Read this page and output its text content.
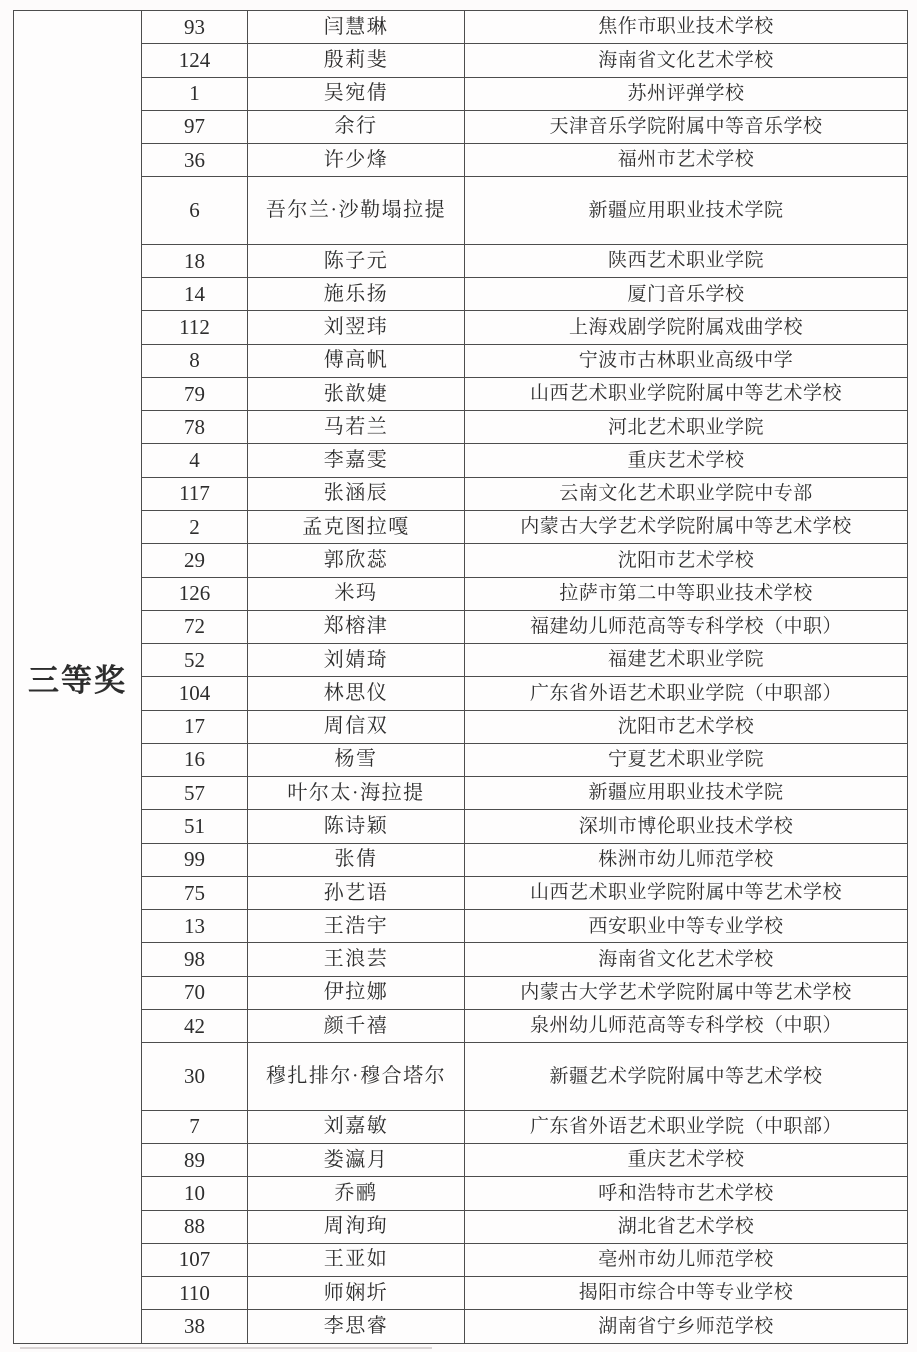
三等奖	93	闫慧琳	焦作市职业技术学校
	124	殷莉斐	海南省文化艺术学校
	1	吴宛倩	苏州评弹学校
	97	余行	天津音乐学院附属中等音乐学校
	36	许少烽	福州市艺术学校
	6	吾尔兰·沙勒塌拉提	新疆应用职业技术学院
	18	陈子元	陕西艺术职业学院
	14	施乐扬	厦门音乐学校
	112	刘翌玮	上海戏剧学院附属戏曲学校
	8	傅高帆	宁波市古林职业高级中学
	79	张歆婕	山西艺术职业学院附属中等艺术学校
	78	马若兰	河北艺术职业学院
	4	李嘉雯	重庆艺术学校
	117	张涵辰	云南文化艺术职业学院中专部
	2	孟克图拉嘎	内蒙古大学艺术学院附属中等艺术学校
	29	郭欣蕊	沈阳市艺术学校
	126	米玛	拉萨市第二中等职业技术学校
	72	郑榕津	福建幼儿师范高等专科学校（中职）
	52	刘婧琦	福建艺术职业学院
	104	林思仪	广东省外语艺术职业学院（中职部）
	17	周信双	沈阳市艺术学校
	16	杨雪	宁夏艺术职业学院
	57	叶尔太·海拉提	新疆应用职业技术学院
	51	陈诗颖	深圳市博伦职业技术学校
	99	张倩	株洲市幼儿师范学校
	75	孙艺语	山西艺术职业学院附属中等艺术学校
	13	王浩宇	西安职业中等专业学校
	98	王浪芸	海南省文化艺术学校
	70	伊拉娜	内蒙古大学艺术学院附属中等艺术学校
	42	颜千禧	泉州幼儿师范高等专科学校（中职）
	30	穆扎排尔·穆合塔尔	新疆艺术学院附属中等艺术学校
	7	刘嘉敏	广东省外语艺术职业学院（中职部）
	89	娄瀛月	重庆艺术学校
	10	乔鹂	呼和浩特市艺术学校
	88	周洵珣	湖北省艺术学校
	107	王亚如	亳州市幼儿师范学校
	110	师娴圻	揭阳市综合中等专业学校
	38	李思睿	湖南省宁乡师范学校
